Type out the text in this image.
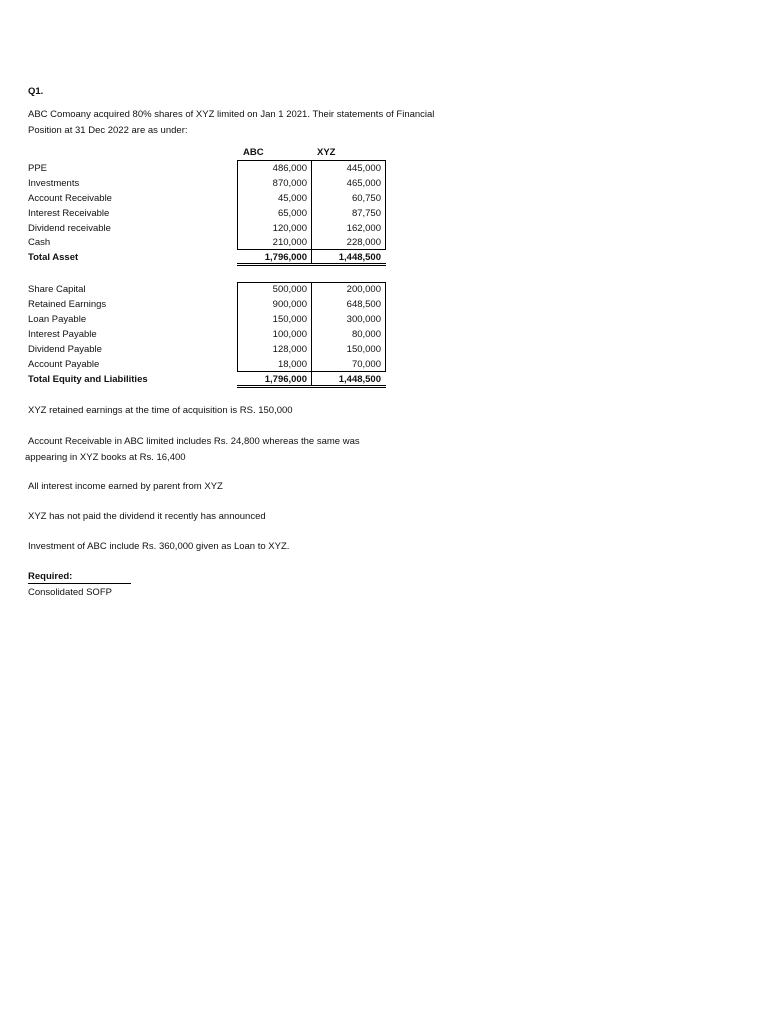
Q1.
ABC Comoany acquired 80% shares of XYZ limited on Jan 1 2021. Their statements of Financial
Position at 31 Dec 2022 are as under:
ABC	XYZ
PPE	486,000	445,000
Investments	870,000	465,000
Account Receivable	45,000	60,750
Interest Receivable	65,000	87,750
Dividend receivable	120,000	162,000
Cash	210,000	228,000
Total Asset	1,796,000	1,448,500
Share Capital	500,000	200,000
Retained Earnings	900,000	648,500
Loan Payable	150,000	300,000
Interest Payable	100,000	80,000
Dividend Payable	128,000	150,000
Account Payable	18,000	70,000
Total Equity and Liabilities	1,796,000	1,448,500
XYZ retained earnings at the time of acquisition is RS. 150,000
Account Receivable in ABC limited includes Rs. 24,800 whereas the same was
appearing in XYZ books at Rs. 16,400
All interest income earned by parent from XYZ
XYZ has not paid the dividend it recently has announced
Investment of ABC include Rs. 360,000 given as Loan to XYZ.
Required:
Consolidated SOFP
